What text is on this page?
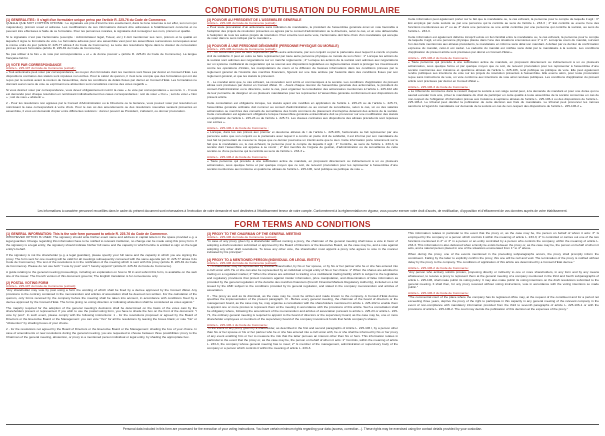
CONDITIONS D'UTILISATION DU FORMULAIRE
(1) GENERALITES : Il s'agit d'un formulaire unique prévu par l'article R. 225-76 du Code de Commerce.
QUELLE QUE SOIT L'OPTION CHOISIE : Le signataire est prié d'inscrire très exactement, dans la zone réservée à cet effet, son nom (en majuscules), prénom usuel et adresse. Les modifications de ces informations doivent être adressées à l'établissement concerné et ne peuvent être effectuées à l'aide de ce formulaire. Pour les personnes morales, le signataire doit renseigner ses nom, prénom et qualité.
Si le signataire n'est pas l'actionnaire (exemple : Administrateur légal, Tuteur, etc.) il doit mentionner ses nom, prénom et la qualité en laquelle il signe le formulaire de vote. Le formulaire adressé pour une assemblée vaut pour les assemblées successives convoquées avec le même ordre du jour (article R. 225-77 alinéa 3 du Code de Commerce). Le texte des résolutions figure dans le dossier de convocation joint au présent formulaire (article R. 225-81 du Code de Commerce).
Ne pas utiliser à la fois « Je vote par correspondance » et « Je donne pouvoir » (article R. 225-81 du Code de Commerce). La langue française fait foi.
(2) VOTE PAR CORRESPONDANCE
Article L. 225-107 du Code de Commerce (extrait) :
« Tout actionnaire peut voter par correspondance, au moyen d'un formulaire dont les mentions sont fixées par décret en Conseil d'Etat. Les dispositions contraires des statuts sont réputées non écrites. Pour le calcul du quorum, il n'est tenu compte que des formulaires qui ont été reçus par la société avant la réunion de l'assemblée, dans les conditions de délais fixées par décret en Conseil d'Etat. Les formulaires ne donnant aucun sens de vote ou exprimant une abstention sont considérés comme des votes négatifs ».
Si vous désirez voter par correspondance, vous devez obligatoirement noircir la case « Je vote par correspondance » au recto. 1 - Il vous est demandé pour chaque résolution en noircissant individuellement les cases correspondantes : soit de voter « Oui » ; soit de voter « Non » ; soit de vous « abstenir ».
2 - Pour les résolutions non agréées par le Conseil d'Administration ou le Directoire ou la Gérance, vous pouvez voter par résolution en noircissant la case correspondant à votre choix. Pour le cas où des amendements ou des résolutions nouvelles seraient présentés en assemblée, il vous est demandé d'opter entre différentes solutions : donner pouvoir au Président, s'abstenir, ou donner procuration.
(3) POUVOIR AU PRÉSIDENT DE L'ASSEMBLÉE GÉNÉRALE
Article L. 225-106 du Code de Commerce (extrait) :
« Pour toute procuration d'un actionnaire sans indication de mandataire, le président de l'assemblée générale émet un vote favorable à l'adoption des projets de résolution présentés ou agréés par le conseil d'administration ou le directoire, selon le cas, et un vote défavorable à l'adoption de tous les autres projets de résolution. Pour émettre tout autre vote, l'actionnaire doit faire choix d'un mandataire qui accepte de voter dans le sens indiqué par le mandant ».
(4) POUVOIR À UNE PERSONNE DÉNOMMÉE (PERSONNE PHYSIQUE OU MORALE)
Article L. 225-106 du Code de Commerce (extrait) :
« I. - Un actionnaire peut se faire représenter par un autre actionnaire, par son conjoint ou par le partenaire avec lequel il a conclu un pacte civil de solidarité. Il peut en outre se faire représenter par toute autre personne physique ou morale de son choix : 1° Lorsque les actions de la société sont admises aux négociations sur un marché réglementé ; 2° Lorsque les actions de la société sont admises aux négociations sur un système multilatéral de négociation qui se soumet aux dispositions législatives ou réglementaires visant à protéger les investisseurs contre les opérations d'initiés, les manipulations de cours et la diffusion de fausses informations dans les conditions prévues par le règlement général de l'Autorité des marchés financiers, figurant sur une liste arrêtée par l'autorité dans des conditions fixées par son règlement général, et que les statuts le prévoient.
II. - Le mandat ainsi que, le cas échéant, sa révocation sont écrits et communiqués à la société. Les conditions d'application du présent alinéa sont précisées par décret en Conseil d'Etat. III. - Avant chaque réunion de l'assemblée générale des actionnaires, le président du conseil d'administration ou le directoire, selon le cas, peut organiser la consultation des actionnaires mentionnés à l'article L. 225-102 afin de leur permettre de désigner un ou plusieurs mandataires pour les représenter à l'assemblée générale conformément aux dispositions du présent article.
Cette consultation est obligatoire lorsque, les statuts ayant été modifiés en application de l'article L. 225-23 ou de l'article L. 225-71, l'assemblée générale ordinaire doit nommer au conseil d'administration ou au conseil de surveillance, selon le cas, un ou des salariés actionnaires ou membres des conseils de surveillance des fonds communs de placement d'entreprise détenant des actions de la société. Cette consultation est également obligatoire lorsque l'assemblée générale extraordinaire doit se prononcer sur une modification des statuts en application de l'article L. 225-23 ou de l'article L. 225-71. Les clauses contraires aux dispositions des alinéas précédents sont réputées non écrites ».
Article L. 225-106-1 du Code de Commerce :
« Lorsque, dans les cas prévus aux premier et deuxième alinéas du I de l'article L. 225-106, l'actionnaire se fait représenter par une personne autre que son conjoint ou le partenaire avec lequel il a conclu un pacte civil de solidarité, il est informé par son mandataire de tout fait lui permettant de mesurer le risque que ce dernier poursuive un intérêt autre que le sien. Cette information porte notamment sur le fait que le mandataire ou, le cas échéant, la personne pour le compte de laquelle il agit : 1° Contrôle, au sens de l'article L. 233-3, la société dont l'assemblée est appelée à se réunir ; 2° Est membre de l'organe de gestion, d'administration ou de surveillance de cette société ou d'une personne qui la contrôle au sens de l'article L. 233-3 ».
Article L. 225-106-2 du Code de Commerce :
« Toute personne qui procède à une sollicitation active de mandats, en proposant directement ou indirectement à un ou plusieurs actionnaires, sous quelque forme et par quelque moyen que ce soit, de recevoir procuration pour les représenter à l'assemblée d'une société mentionnée aux troisième et quatrième alinéas de l'article L. 225-106, rend publique sa politique de vote ».
Cette information peut également porter sur le fait que le mandataire ou, le cas échéant, la personne pour le compte de laquelle il agit : 3° Est employé par cette société ou par une personne qui la contrôle au sens de l'article L. 233-3 ; 4° Est contrôlé ou exerce l'une des fonctions mentionnées au 2° ou au 3° dans une personne ou une entité contrôlée par une personne qui contrôle la société, au sens de l'article L. 233-3.
Cette information est également délivrée lorsqu'il existe un lien familial entre le mandataire ou, le cas échéant, la personne pour le compte de laquelle il agit, et une personne physique placée dans l'une des situations énumérées aux 1° à 4°. Lorsqu'au cours du mandat, survient l'un des faits mentionnés aux alinéas précédents, le mandataire en informe sans délai son mandant. A défaut par ce dernier de confirmation expresse du mandat, celui-ci est caduc. La caducité du mandat est notifiée sans délai par le mandataire à la société. Les conditions d'application du présent article sont précisées par décret en Conseil d'Etat ».
Article L. 225-106-2 du Code de Commerce :
« Toute personne qui procède à une sollicitation active de mandats, en proposant directement ou indirectement à un ou plusieurs actionnaires, sous quelque forme et par quelque moyen que ce soit, de recevoir procuration pour les représenter à l'assemblée d'une société mentionnée aux troisième et quatrième alinéas de l'article L. 225-106, rend publique sa politique de vote. Elle peut également rendre publiques ses intentions de vote sur les projets de résolution présentés à l'assemblée. Elle exerce alors, pour toute procuration reçue sans instructions de vote, un vote conforme aux intentions de vote ainsi rendues publiques. Les conditions d'application du présent article sont précisées par décret en Conseil d'Etat ».
Article L. 225-106-3 du Code de Commerce :
« Le tribunal de commerce dans le ressort duquel la société a son siège social peut, à la demande du mandant et pour une durée qui ne saurait excéder trois ans, priver le mandataire du droit de participer en cette qualité à toute assemblée de la société concernée en cas de non-respect de l'obligation d'information prévue aux troisième à septième alinéas de l'article L. 225-106-1 ou des dispositions de l'article L. 225-106-2. Le tribunal peut décider la publication de cette décision aux frais du mandataire. Le tribunal peut prononcer les mêmes sanctions à l'égard du mandataire sur demande de la société en cas de non-respect des dispositions de l'article L. 225-106-2 ».
Les informations à caractère personnel recueillies dans le cadre du présent document sont nécessaires à l'exécution de votre demande et sont destinées à l'établissement teneur de votre compte. Conformément à la réglementation en vigueur, vous pouvez exercer votre droit d'accès, de rectification, d'opposition et d'effacement de vos données auprès de votre établissement.
FORM TERMS AND CONDITIONS
(1) GENERAL INFORMATION: This is the sole form pursuant to article R. 225-76 du Code de Commerce.
WHICHEVER OPTION IS USED: The signatory should write his/her exact name and address in capital letters in the space provided e.g. a legal guardian: Change regarding this information have to be notified to relevant institution, no change can be made using this proxy form. If the signatory is a legal entity, the signatory should indicate his/her full name and the capacity in which he/she is entitled to sign on the legal entity's behalf.
If the signatory is not the shareholder (e.g. a legal guardian), please specify your full name and the capacity in which you are signing the proxy. The form sent for one meeting will be valid for all meetings subsequently convened with the same agenda (art. R. 225-77 alinéa 3 du Code de Commerce). The text of the resolutions is in the notification of the meeting which is sent with this proxy (article R. 225-81 du Code de Commerce). Please do not use both "I vote by post" and "I hereby appoint" (article R. 225-81 du Code de Commerce).
A guide relating to the general meeting proceedings, including an explanation on how to fill in and submit this form, is available on the web site of the issuer. The French version of this document governs; The English translation is for convenience only.
(2) POSTAL VOTING FORM
Article L. 225-107 du Code de Commerce (extract):
"Any shareholder may vote by post using a form the wording of which shall be fixed by a decree approved by the Conseil d'Etat. Any provisions to the contrary contained in the memorandum and articles of association shall be deemed non-written. For the calculation of the quorum, only forms received by the company before the meeting shall be taken into account, in accordance with conditions fixed by a decree approved by the Conseil d'Etat. The forms giving no voting direction or indicating abstention shall be considered as votes against."
The majority required for the adoption of the general meeting's decisions shall be determined on the basis of the votes cast by the shareholders present or represented. If you wish to use the postal voting form, you have to shade the box on the front of the document: "I vote by post". In such event, please comply with the following instructions: 1 - for the resolutions proposed or agreed by the Board of Directors or the Executive Board or the Management: you can vote "Yes" for all the resolutions by leaving the boxes blank; or vote "No" or "Abstention" by shading boxes of your choice.
2 - for the resolutions not agreed by the Board of Directors or the Executive Board or the Management: shading the box of your choice. In case of amendments or new resolutions during the general meeting, you are requested to choose between three possibilities: proxy to the Chairman of the general meeting, abstention, or proxy to a mentioned person individual or legal entity, by shading the appropriate box.
(3) PROXY TO THE CHAIRMAN OF THE GENERAL MEETING
Article L. 225-106 du Code de Commerce (extract):
"In case of any proxy given by a shareholder without naming a proxy, the chairman of the general meeting shall issue a vote in favor of adopting a draft resolution submitted or approved by the Board of Directors or the Executive Board, as the case may be, and a vote against adopting any other draft resolutions. To issue any other vote, the shareholder must appoint a proxy who agrees to vote in the manner indicated by his principal."
(4) PROXY TO A MENTIONED PERSON (INDIVIDUAL OR LEGAL ENTITY)
Article L. 225-106 du Code de Commerce (extract):
"I - A shareholder may be represented by another shareholder, by his or her spouse, or by his or her partner who he or she has entered into a civil union with. He or she can also be represented by an individual or legal entity of his or her choice: 1° When the shares are admitted to trading on a regulated market; 2° When the shares are admitted to trading on a multilateral trading facility which is subject to the legislative and regulatory provisions that protect investors against insider information, price manipulation, and dissemination of false information as provided by the general regulation of the Autorité des marchés financiers (French Financial Markets Regulatory Authority), included on a list issued by the AMF subject to the conditions provided by its general regulation, and stated in the company memorandum and articles of association.
II - The proxy as well as its dismissal, as the case may be, must be written and made known to the company. A Conseil d'Etat decree specifies the implementation of the present paragraph. III - Before every general meeting, the chairman of the board of directors or the management board, as the case may be, may organise a consultation with the shareholders mentioned in article L. 225-102 to enable them to appoint one or more proxies to represent them at the meeting in accordance with the provisions of this article. Such a consultation shall be obligatory where, following the amendment of the memorandum and articles of association pursuant to article L. 225-23 or article L. 225-71, the ordinary general meeting is required to appoint to the board of directors or the supervisory board, as the case may be, one or more shareholder employees or members of the supervisory board of the company investment funds that holds company's shares.
Article L. 225-106-1 du Code de Commerce:
"In the event of any proxy given by a shareholder, as described in the first and second paragraphs of Article L. 225-106 I, by a person other than his or her spouse or his or her partner who he or she has entered into a civil union with, he or she shall be informed by his or her proxy of any event enabling him or her to measure the risk that the latter pursues an interest other than his or hers. This information relates in particular to the event that the proxy or, as the case may be, the person on behalf of whom it acts: 1° Controls, within the meaning of article L. 233-3, the company whose general meeting has to meet; 2° Is member of the management, administration or supervisory body of the company or a person which controls it within the meaning of article L. 233-3.
This information relates in particular to the event that the proxy or, as the case may be, the person on behalf of whom it acts: 3° Is employed by the company or a person which controls it within the meaning of article L. 233-3; 4° Is controlled or carries out one of the two functions mentioned in 2° or 3° in a person or an entity controlled by a person who controls the company, within the meaning of article L. 233-3. This information is also delivered when a family tie exists between the proxy or, as the case may be, the person on behalf of whom it acts, and a natural person placed in one of the situations enumerated from 1° to 4° above.
When during the proxy, one of the events mentioned in the preceding subparagraphs occurs, the proxy shall promptly inform the constituent. Failing by the latter to explicitly confirm the proxy, this one will be null and void. The termination of the proxy is notified without delay by the proxy to the company. The conditions of application of this article are determined by a Conseil d'Etat decree."
Article L. 225-106-2 du Code de Commerce:
"Any person who actively solicits proxies, proposing directly or indirectly to one or more shareholders, in any form and by any means whatsoever, to receive a proxy to represent them at the general meeting of a company mentioned in the third and fourth subparagraphs of article L. 225-106, shall make public its voting policy. It may also make public its voting intentions on the draft resolutions submitted to the general meeting. It shall then, for any proxy received without voting instructions, vote in accordance with the voting intentions so made public."
Article L. 225-106-3 du Code de Commerce:
"The commercial court of the place where the company has its registered office may, at the request of the constituent and for a period not exceeding three years, deprive the proxy of the right to participate in this capacity in any general meeting of the relevant company in the event of non-compliance with mandatory information provided from the third to seventh paragraphs of article L. 225-106-1 or with the provisions of article L. 225-106-2. The court may decide the publication of this decision at the expenses of the proxy."
Personal data included in this form are processed for the execution of your voting instructions. You have certain minimum rights regarding your data (access, correction...). These rights may be exercised using the contact details provided by your custodian.
